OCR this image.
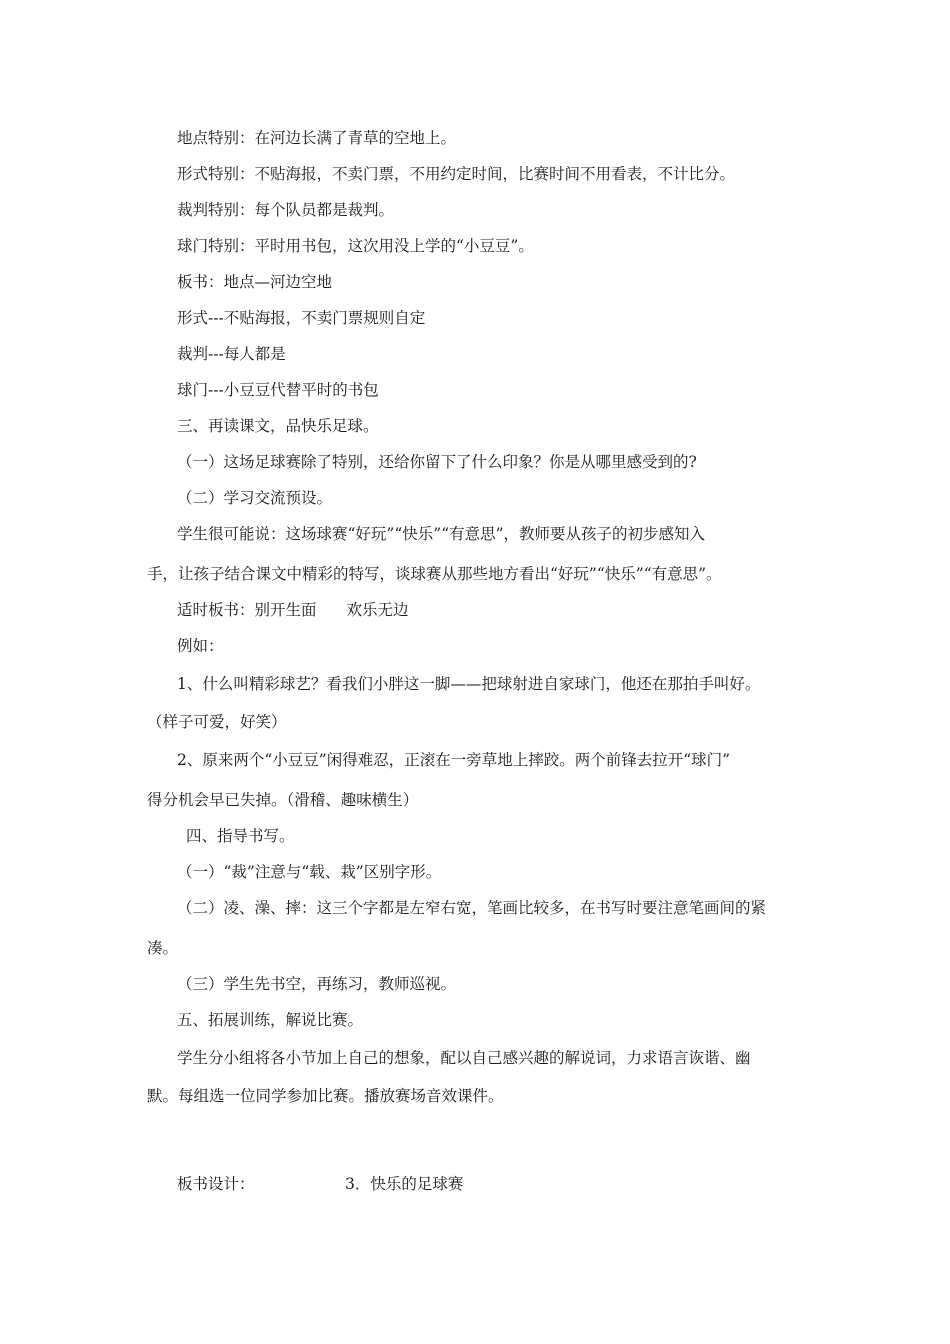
地点特别：在河边长满了青草的空地上。
形式特别：不贴海报，不卖门票，不用约定时间，比赛时间不用看表，不计比分。
裁判特别：每个队员都是裁判。
球门特别：平时用书包，这次用没上学的“小豆豆”。
板书：地点—河边空地
形式---不贴海报，不卖门票规则自定
裁判---每人都是
球门---小豆豆代替平时的书包
三、再读课文，品快乐足球。
（一）这场足球赛除了特别，还给你留下了什么印象？你是从哪里感受到的?
（二）学习交流预设。
学生很可能说：这场球赛“好玩”“快乐”“有意思”，教师要从孩子的初步感知入
手，让孩子结合课文中精彩的特写，谈球赛从那些地方看出“好玩”“快乐”“有意思”。
适时板书：别开生面 欢乐无边
例如：
1、什么叫精彩球艺？看我们小胖这一脚——把球射进自家球门，他还在那拍手叫好。
（样子可爱，好笑）
2、原来两个“小豆豆”闲得难忍，正滚在一旁草地上摔跤。两个前锋去拉开“球门”
得分机会早已失掉。（滑稽、趣味横生）
四、指导书写。
（一）“裁”注意与“载、栽”区别字形。
（二）凌、澡、摔：这三个字都是左窄右宽，笔画比较多，在书写时要注意笔画间的紧
凑。
（三）学生先书空，再练习，教师巡视。
五、拓展训练，解说比赛。
学生分小组将各小节加上自己的想象，配以自己感兴趣的解说词，力求语言诙谐、幽
默。每组选一位同学参加比赛。播放赛场音效课件。
板书设计：	3．快乐的足球赛
